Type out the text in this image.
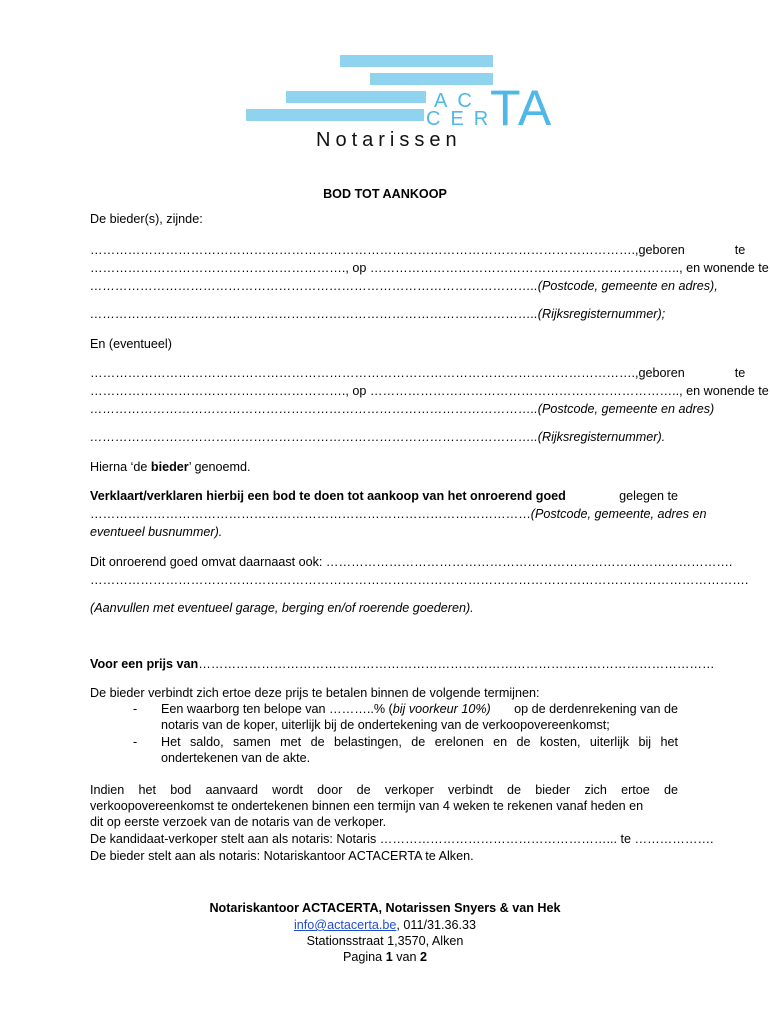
AC
CER
TA
Notarissen
BOD TOT AANKOOP
De bieder(s), zijnde:
…………………………………………………………………………………………………………………., geboren	te
……………………………………………………., op ……………………………………………………………….., en wonende te
……………………………………………………………………………………………..(Postcode, gemeente en adres),
……………………………………………………………………………………………..(Rijksregisternummer);
En (eventueel)
…………………………………………………………………………………………………………………., geboren	te
……………………………………………………., op ……………………………………………………………….., en wonende te
……………………………………………………………………………………………..(Postcode, gemeente en adres)
……………………………………………………………………………………………..(Rijksregisternummer).
Hierna ‘de bieder’ genoemd.
Verklaart/verklaren hierbij een bod te doen tot aankoop van het onroerend goed	gelegen te
…………………………………………………………………………………………… (Postcode, gemeente, adres en
eventueel busnummer).
Dit onroerend goed omvat daarnaast ook: …………………………………………………………………………………….
………………………………………………………………………………………………………………………………………….
(Aanvullen met eventueel garage, berging en/of roerende goederen).
Voor een prijs van……………………………………………………………………………………………………………
De bieder verbindt zich ertoe deze prijs te betalen binnen de volgende termijnen:
- Een waarborg ten belope van ………..% (bij voorkeur 10%) op de derdenrekening van de
notaris van de koper, uiterlijk bij de ondertekening van de verkoopovereenkomst;
- Het saldo, samen met de belastingen, de erelonen en de kosten, uiterlijk bij het
ondertekenen van de akte.
Indien het bod aanvaard wordt door de verkoper verbindt de bieder zich ertoe de
verkoopovereenkomst te ondertekenen binnen een termijn van 4 weken te rekenen vanaf heden en
dit op eerste verzoek van de notaris van de verkoper.
De kandidaat-verkoper stelt aan als notaris: Notaris ………………………………………………... te ……………….
De bieder stelt aan als notaris: Notariskantoor ACTACERTA te Alken.
Notariskantoor ACTACERTA, Notarissen Snyers & van Hek
info@actacerta.be, 011/31.36.33
Stationsstraat 1,3570, Alken
Pagina 1 van 2
